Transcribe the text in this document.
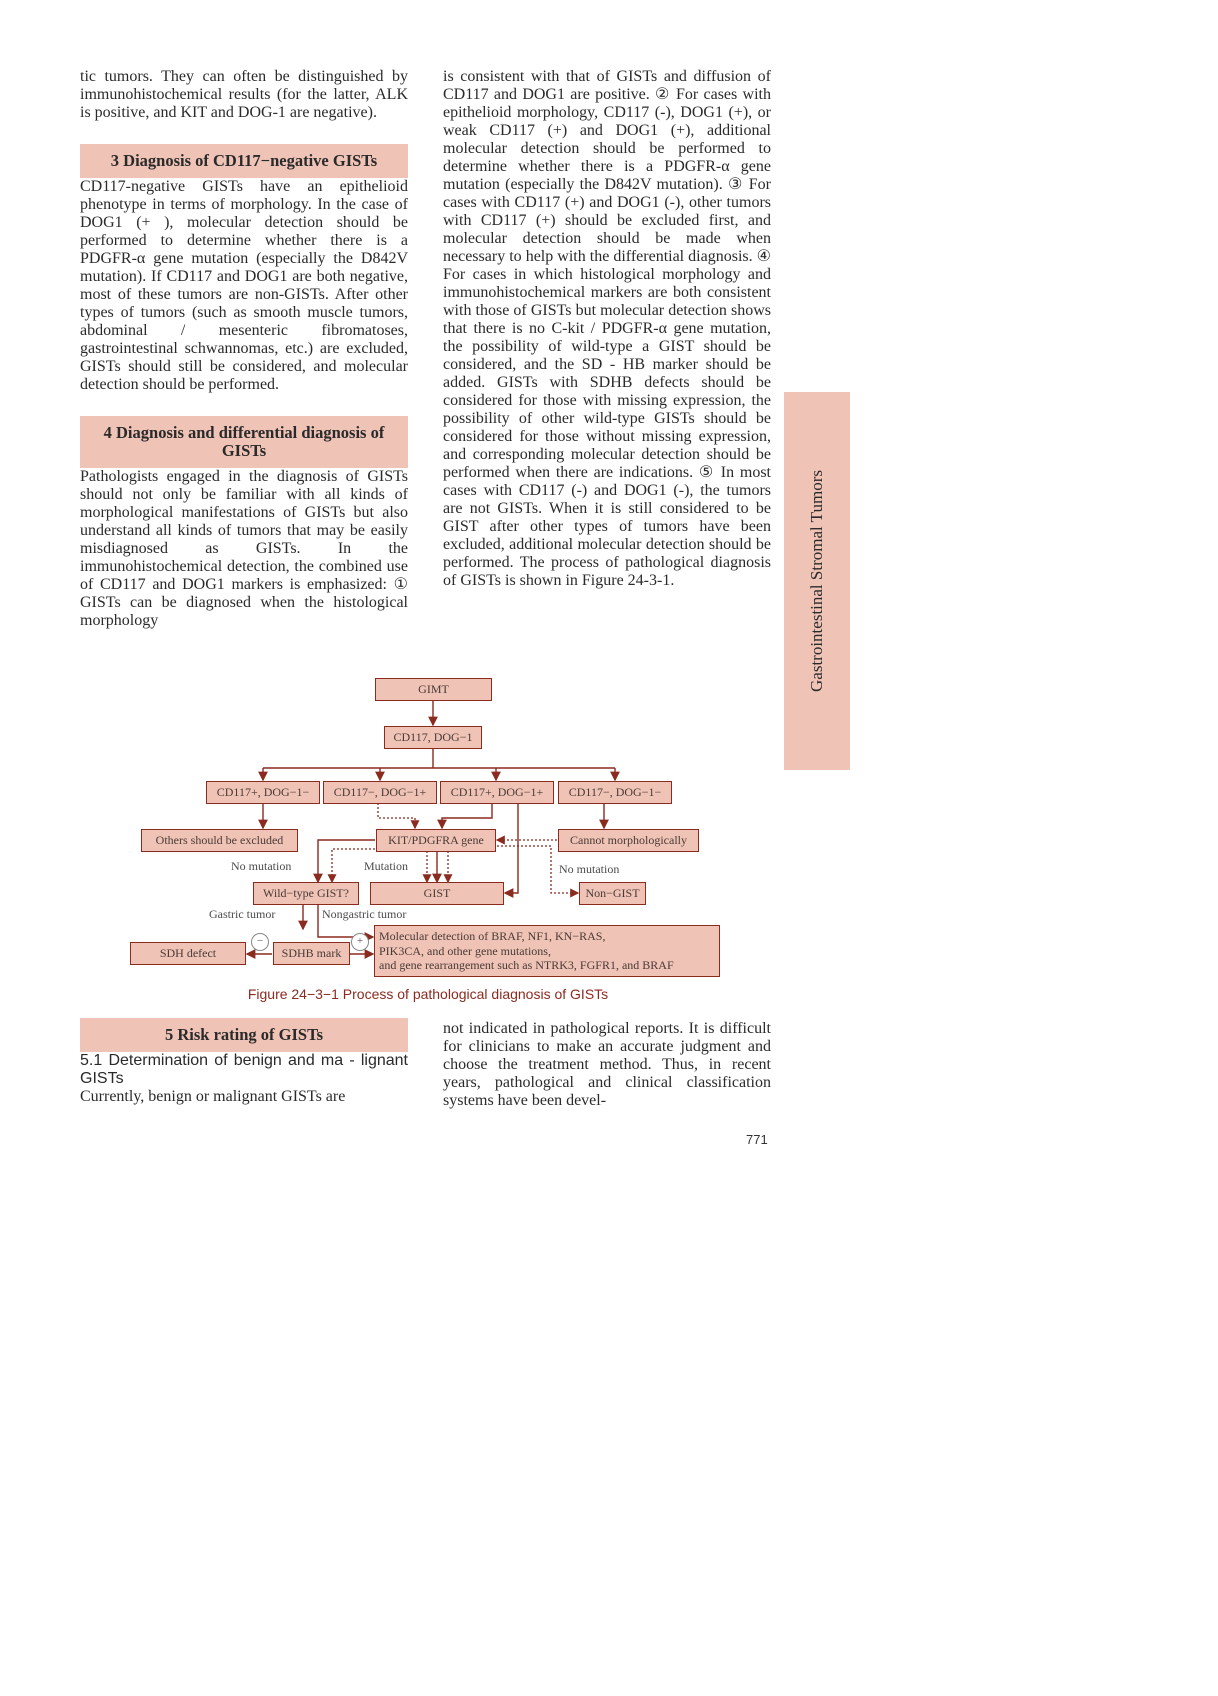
tic tumors. They can often be distinguished by immunohistochemical results (for the latter, ALK is positive, and KIT and DOG-1 are negative).

3 Diagnosis of CD117−negative GISTs

CD117-negative GISTs have an epithelioid phenotype in terms of morphology. In the case of DOG1 (+ ), molecular detection should be performed to determine whether there is a PDGFR-α gene mutation (especially the D842V mutation). If CD117 and DOG1 are both negative, most of these tumors are non-GISTs. After other types of tumors (such as smooth muscle tumors, abdominal / mesenteric fibromatoses, gastrointestinal schwannomas, etc.) are excluded, GISTs should still be considered, and molecular detection should be performed.

4 Diagnosis and differential diagnosis of GISTs

Pathologists engaged in the diagnosis of GISTs should not only be familiar with all kinds of morphological manifestations of GISTs but also understand all kinds of tumors that may be easily misdiagnosed as GISTs. In the immunohistochemical detection, the combined use of CD117 and DOG1 markers is emphasized: ① GISTs can be diagnosed when the histological morphology

is consistent with that of GISTs and diffusion of CD117 and DOG1 are positive. ② For cases with epithelioid morphology, CD117 (-), DOG1 (+), or weak CD117 (+) and DOG1 (+), additional molecular detection should be performed to determine whether there is a PDGFR-α gene mutation (especially the D842V mutation). ③ For cases with CD117 (+) and DOG1 (-), other tumors with CD117 (+) should be excluded first, and molecular detection should be made when necessary to help with the differential diagnosis. ④ For cases in which histological morphology and immunohistochemical markers are both consistent with those of GISTs but molecular detection shows that there is no C-kit / PDGFR-α gene mutation, the possibility of wild-type a GIST should be considered, and the SD - HB marker should be added. GISTs with SDHB defects should be considered for those with missing expression, the possibility of other wild-type GISTs should be considered for those without missing expression, and corresponding molecular detection should be performed when there are indications. ⑤ In most cases with CD117 (-) and DOG1 (-), the tumors are not GISTs. When it is still considered to be GIST after other types of tumors have been excluded, additional molecular detection should be performed. The process of pathological diagnosis of GISTs is shown in Figure 24-3-1.	Gastrointestinal Stromal Tumors
GIMT
CD117, DOG−1
CD117+, DOG−1−	CD117−, DOG−1+	CD117+, DOG−1+	CD117−, DOG−1−
Others should be excluded	KIT/PDGFRA gene	Cannot morphologically
Wild−type GIST?	GIST	Non−GIST
SDH defect	SDHB mark
Molecular detection of BRAF, NF1, KN−RAS,
PIK3CA, and other gene mutations,
and gene rearrangement such as NTRK3, FGFR1, and BRAF
No mutation	Mutation	No mutation
Gastric tumor	Nongastric tumor
−	+
Figure 24−3−1 Process of pathological diagnosis of GISTs
5 Risk rating of GISTs

5.1 Determination of benign and ma - lignant GISTs

Currently, benign or malignant GISTs are

not indicated in pathological reports. It is difficult for clinicians to make an accurate judgment and choose the treatment method. Thus, in recent years, pathological and clinical classification systems have been devel-

771
